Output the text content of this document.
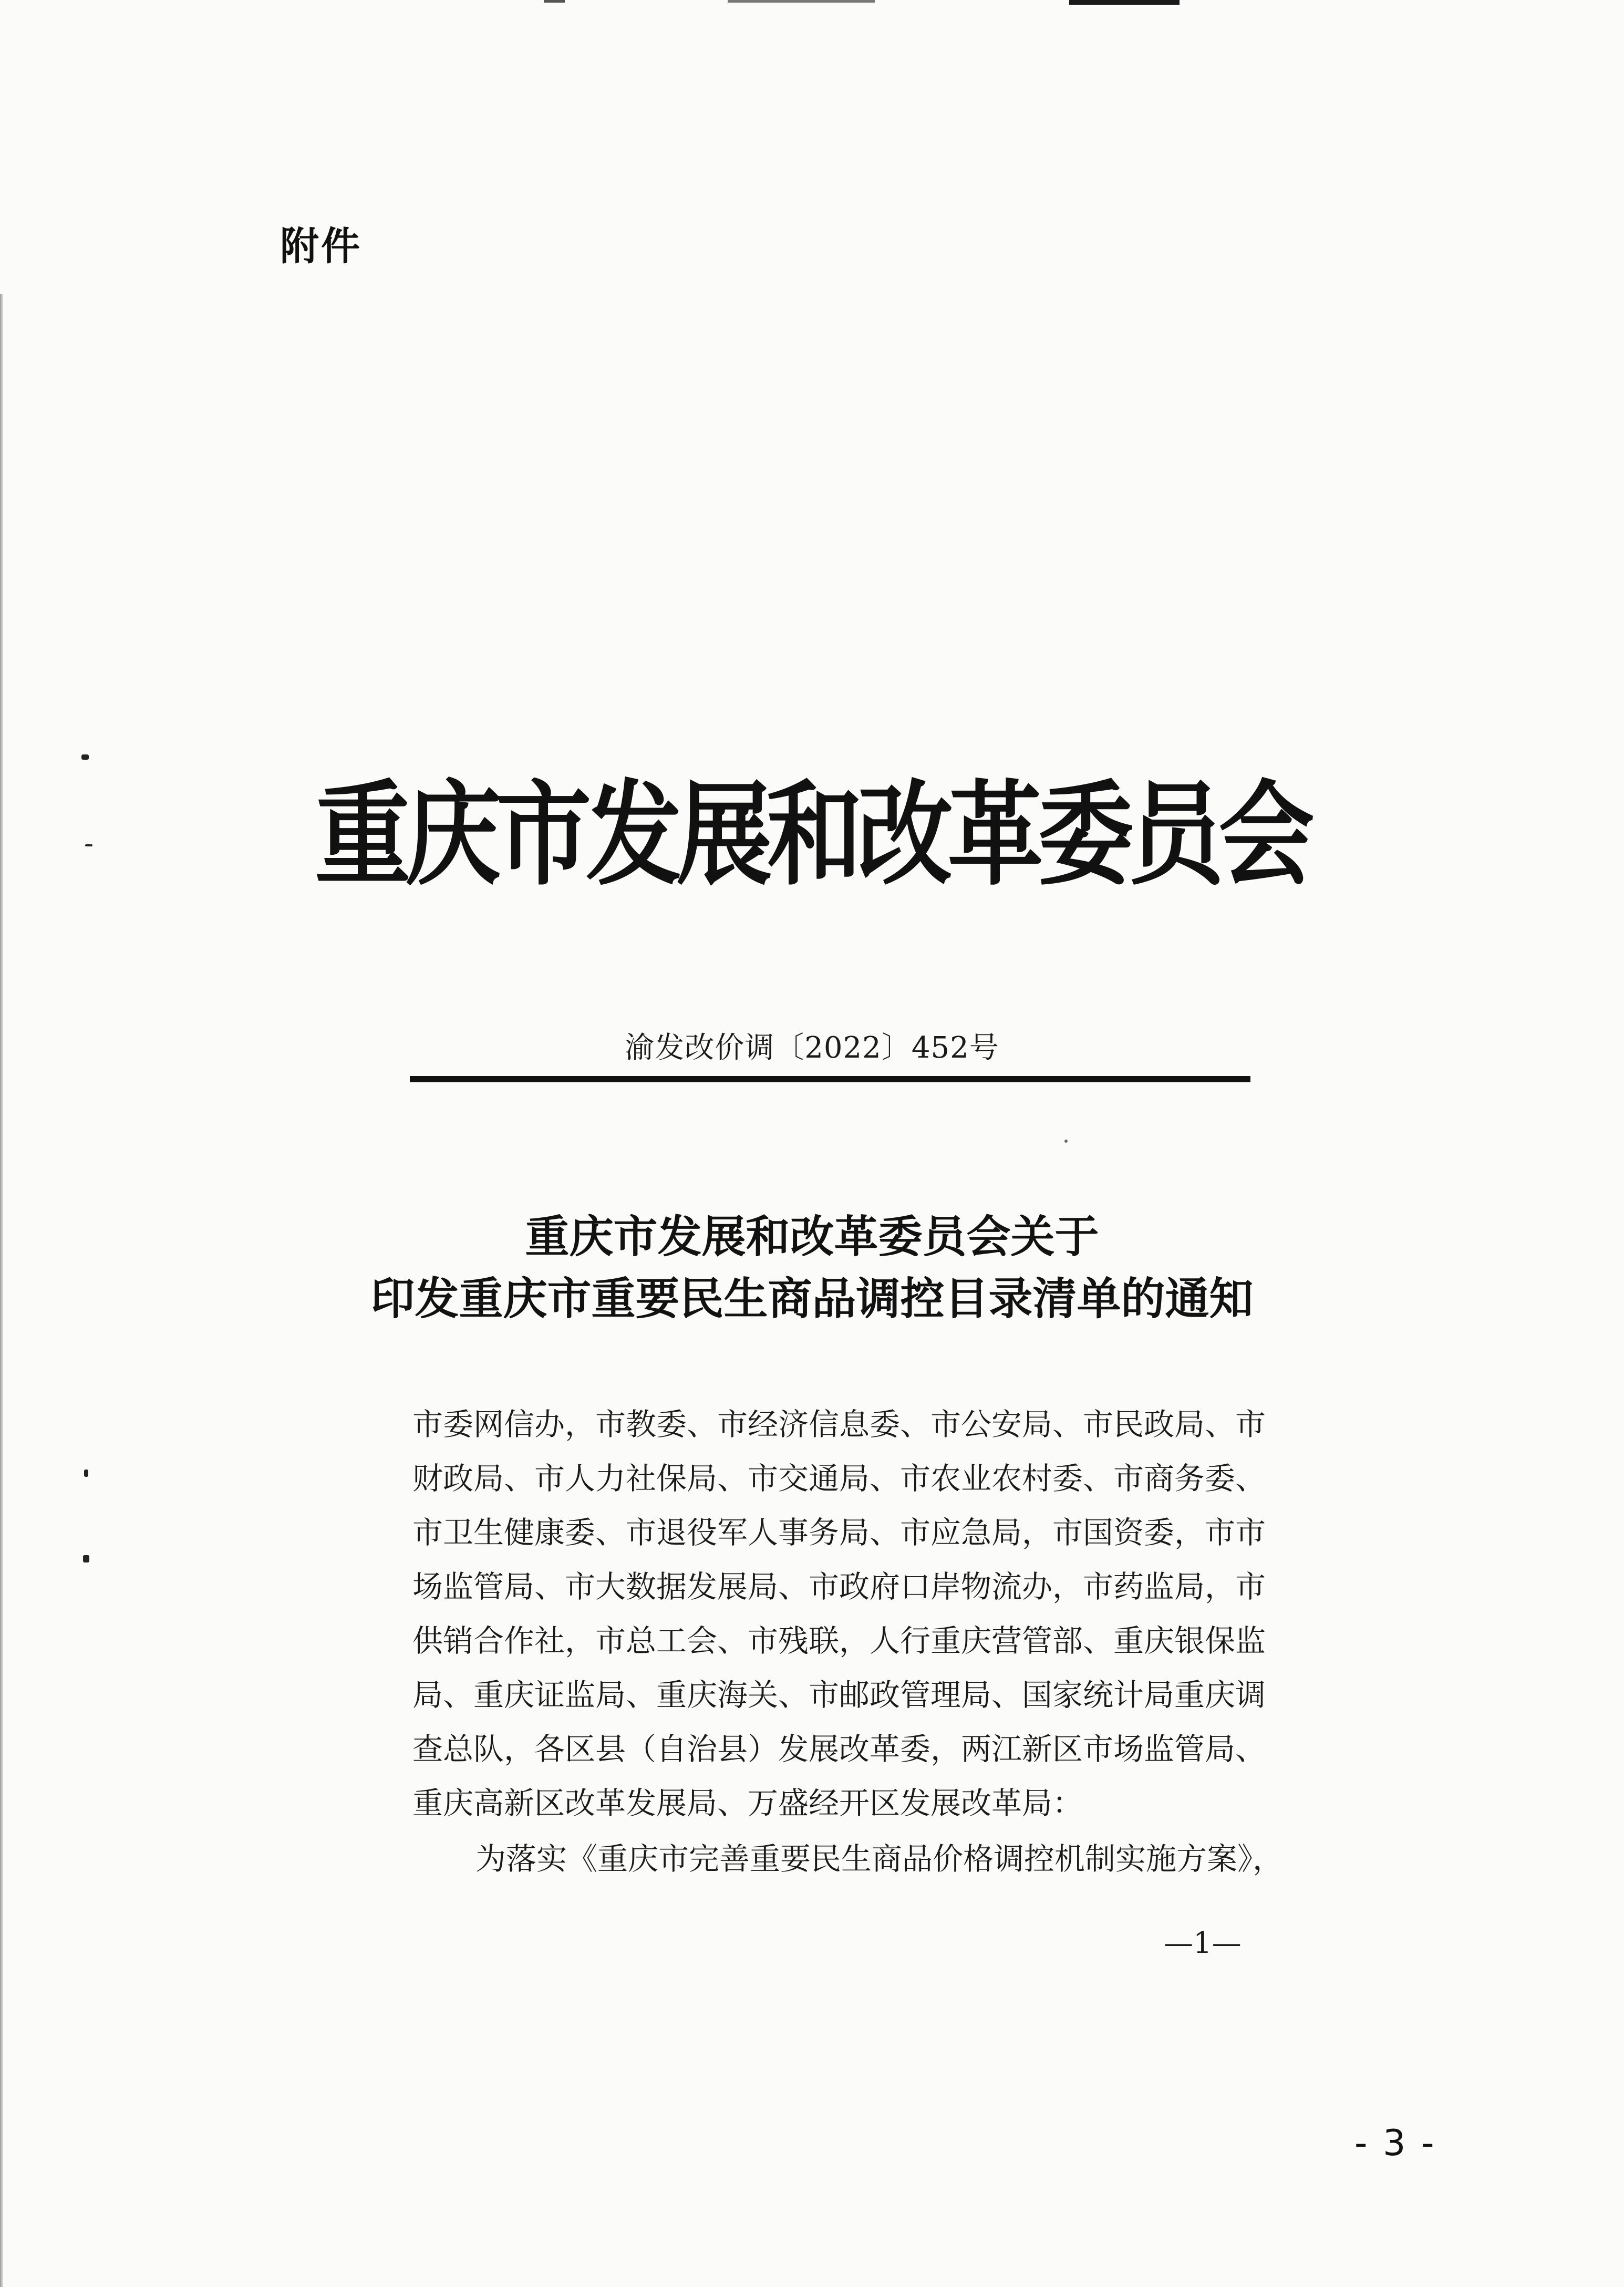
附件
重庆市发展和改革委员会
渝发改价调〔2022〕452号
重庆市发展和改革委员会关于
印发重庆市重要民生商品调控目录清单的通知
市委网信办，市教委、市经济信息委、市公安局、市民政局、市
财政局、市人力社保局、市交通局、市农业农村委、市商务委、
市卫生健康委、市退役军人事务局、市应急局，市国资委，市市
场监管局、市大数据发展局、市政府口岸物流办，市药监局，市
供销合作社，市总工会、市残联，人行重庆营管部、重庆银保监
局、重庆证监局、重庆海关、市邮政管理局、国家统计局重庆调
查总队，各区县（自治县）发展改革委，两江新区市场监管局、
重庆高新区改革发展局、万盛经开区发展改革局：
为落实《重庆市完善重要民生商品价格调控机制实施方案》，
—1—
- 3 -
